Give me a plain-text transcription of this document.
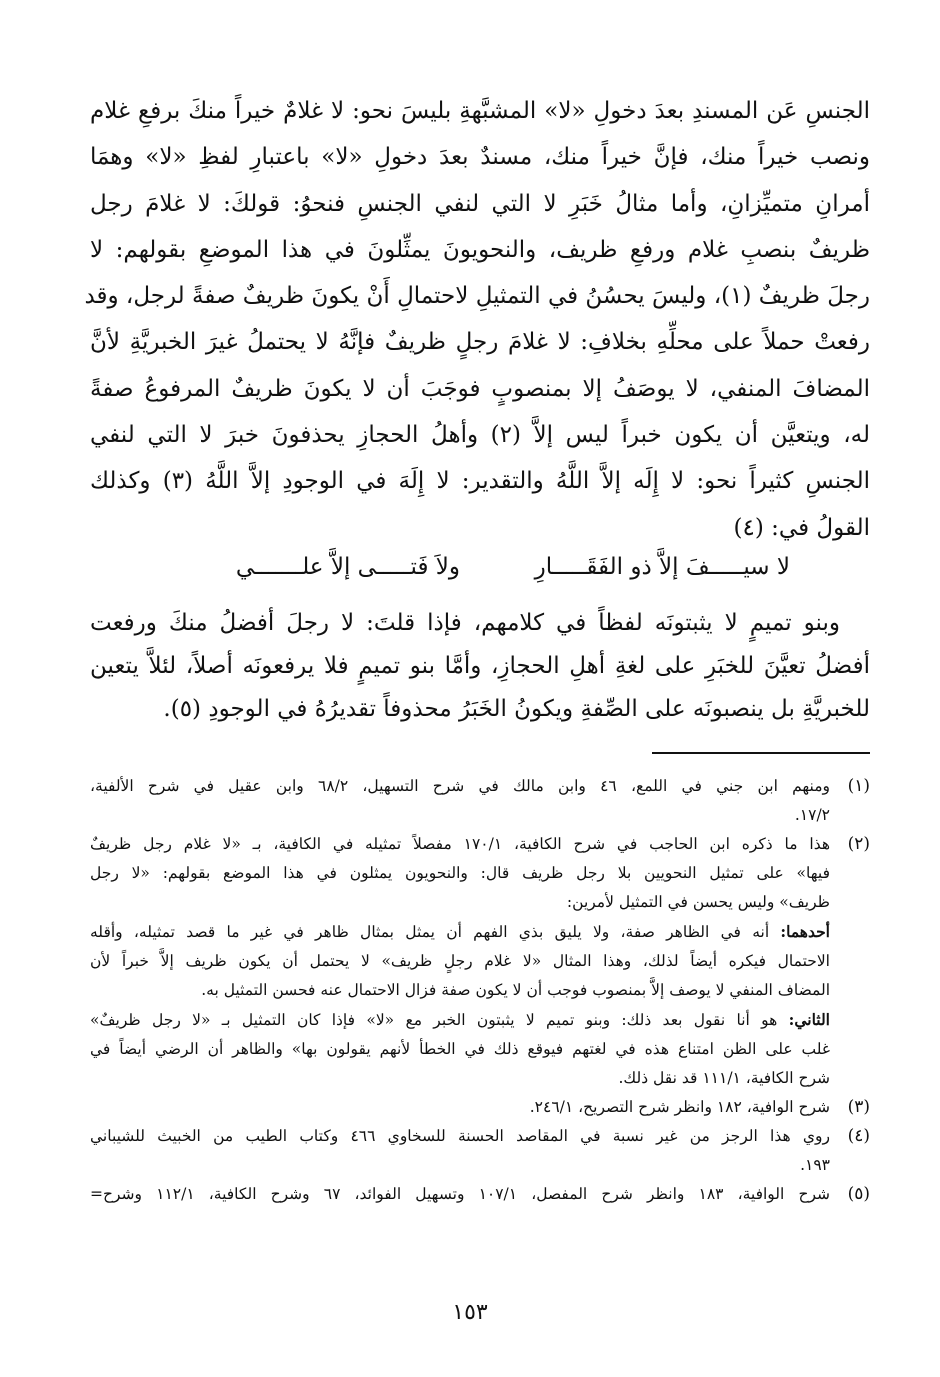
الجنسِ عَن المسندِ بعدَ دخولِ «لا» المشبَّهةِ بليسَ نحو: لا غلامٌ خيراً منكَ برفعِ غلام
ونصب خيراً منك، فإنَّ خيراً منك، مسندٌ بعدَ دخولِ «لا» باعتبارِ لفظِ «لا» وهمَا
أمرانِ متميِّزانِ، وأما مثالُ خَبَرِ لا التي لنفي الجنسِ فنحوُ: قولكَ: لا غلامَ رجل
ظريفٌ بنصبِ غلام ورفعِ ظريف، والنحويونَ يمثِّلونَ في هذا الموضعِ بقولهم: لا
رجلَ ظريفٌ (١)، وليسَ يحسُنُ في التمثيلِ لاحتمالِ أَنْ يكونَ ظريفٌ صفةً لرجل، وقد
رفعتْ حملاً على محلِّهِ بخلافِ: لا غلامَ رجلٍ ظريفٌ فإنَّهُ لا يحتملُ غيرَ الخبريَّةِ لأنَّ
المضافَ المنفي، لا يوصَفُ إلا بمنصوبٍ فوجَبَ أن لا يكونَ ظريفٌ المرفوعُ صفةً
له، ويتعيَّن أن يكون خبراً ليس إلاَّ (٢) وأهلُ الحجازِ يحذفونَ خبرَ لا التي لنفي
الجنسِ كثيراً نحو: لا إِلَه إلاَّ اللَّهُ والتقدير: لا إِلَهَ في الوجودِ إلاَّ اللَّهُ (٣) وكذلك
القولُ في: (٤)
لا سيـــــفَ إلاَّ ذو الفَقَـــــارِ
ولاَ فَتـــــى إلاَّ علـــــــي
وبنو تميمٍ لا يثبتونَه لفظاً في كلامهم، فإذا قلتَ: لا رجلَ أفضلُ منكَ ورفعت
أفضلُ تعيَّنَ للخبَرِ على لغةِ أهلِ الحجازِ، وأمَّا بنو تميمٍ فلا يرفعونَه أصلاً، لئلاَّ يتعين
للخبريَّةِ بل ينصبونَه على الصِّفةِ ويكونُ الخَبَرُ محذوفاً تقديرُهُ في الوجودِ (٥).
(١)
ومنهم ابن جني في اللمع، ٤٦ وابن مالك في شرح التسهيل، ٦٨/٢ وابن عقيل في شرح الألفية،
١٧/٢.
(٢)
هذا ما ذكره ابن الحاجب في شرح الكافية، ١٧٠/١ مفصلاً تمثيله في الكافية، بـ «لا غلام رجل ظريفٌ
فيها» على تمثيل النحويين بلا رجل ظريف قال: والنحويون يمثلون في هذا الموضع بقولهم: «لا رجل
ظريف» وليس يحسن في التمثيل لأمرين:
أحدهما: أنه في الظاهر صفة، ولا يليق بذي الفهم أن يمثل بمثال ظاهر في غير ما قصد تمثيله، وأقله
الاحتمال فيكره أيضاً لذلك، وهذا المثال «لا غلام رجلٍ ظريف» لا يحتمل أن يكون ظريف إلاَّ خبراً لأن
المضاف المنفي لا يوصف إلاَّ بمنصوب فوجب أن لا يكون صفة فزال الاحتمال عنه فحسن التمثيل به.
الثاني: هو أنا نقول بعد ذلك: وبنو تميم لا يثبتون الخبر مع «لا» فإذا كان التمثيل بـ «لا رجل ظريفٌ»
غلب على الظن امتناع هذه في لغتهم فيوقع ذلك في الخطأ لأنهم يقولون بها» والظاهر أن الرضي أيضاً في
شرح الكافية، ١١١/١ قد نقل ذلك.
(٣)
شرح الوافية، ١٨٢ وانظر شرح التصريح، ٢٤٦/١.
(٤)
روي هذا الرجز من غير نسبة في المقاصد الحسنة للسخاوي ٤٦٦ وكتاب الطيب من الخبيث للشيباني
١٩٣.
(٥)
شرح الوافية، ١٨٣ وانظر شرح المفصل، ١٠٧/١ وتسهيل الفوائد، ٦٧ وشرح الكافية، ١١٢/١ وشرح=
١٥٣
